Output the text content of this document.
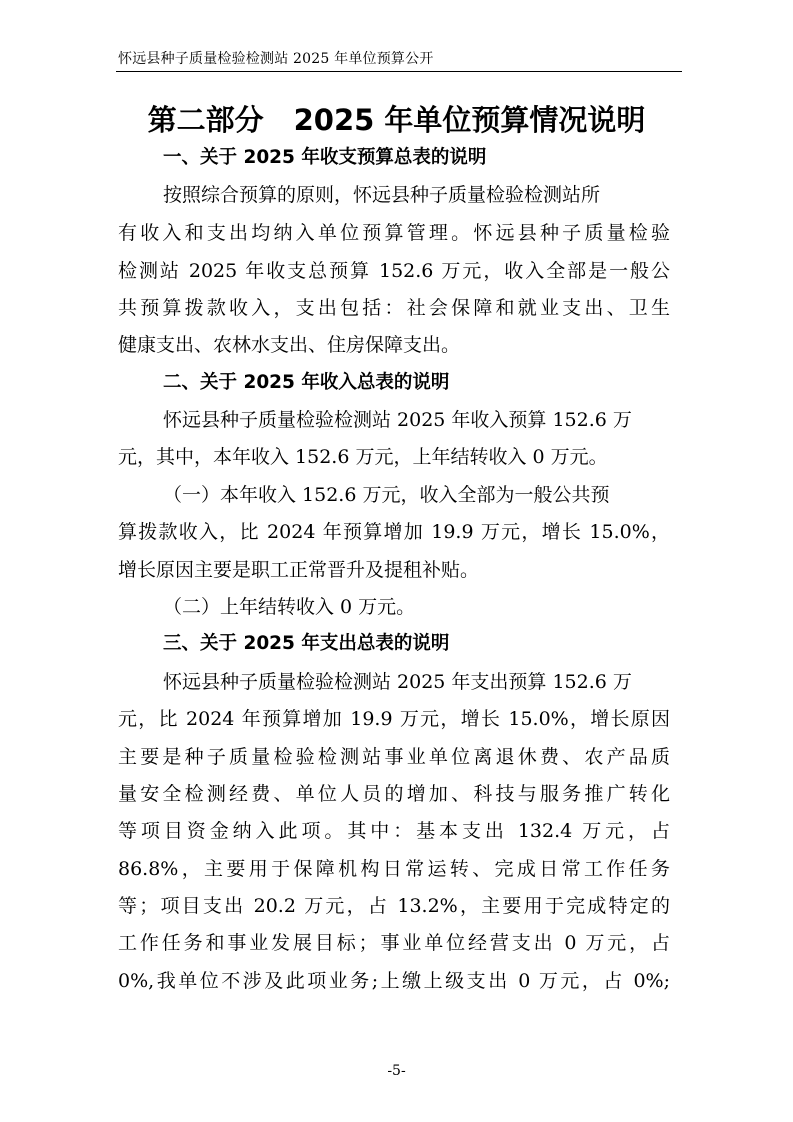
怀远县种子质量检验检测站 2025 年单位预算公开
第二部分 2025 年单位预算情况说明
一、关于 2025 年收支预算总表的说明
按照综合预算的原则，怀远县种子质量检验检测站所
有收入和支出均纳入单位预算管理。怀远县种子质量检验
检测站 2025 年收支总预算 152.6 万元，收入全部是一般公
共预算拨款收入，支出包括：社会保障和就业支出、卫生
健康支出、农林水支出、住房保障支出。
二、关于 2025 年收入总表的说明
怀远县种子质量检验检测站 2025 年收入预算 152.6 万
元，其中，本年收入 152.6 万元，上年结转收入 0 万元。
（一）本年收入 152.6 万元，收入全部为一般公共预
算拨款收入，比 2024 年预算增加 19.9 万元，增长 15.0%，
增长原因主要是职工正常晋升及提租补贴。
（二）上年结转收入 0 万元。
三、关于 2025 年支出总表的说明
怀远县种子质量检验检测站 2025 年支出预算 152.6 万
元，比 2024 年预算增加 19.9 万元，增长 15.0%，增长原因
主要是种子质量检验检测站事业单位离退休费、农产品质
量安全检测经费、单位人员的增加、科技与服务推广转化
等项目资金纳入此项。其中：基本支出 132.4 万元，占
86.8%，主要用于保障机构日常运转、完成日常工作任务
等；项目支出 20.2 万元，占 13.2%，主要用于完成特定的
工作任务和事业发展目标；事业单位经营支出 0 万元，占
0%,我单位不涉及此项业务;上缴上级支出 0 万元，占 0%;
-5-
